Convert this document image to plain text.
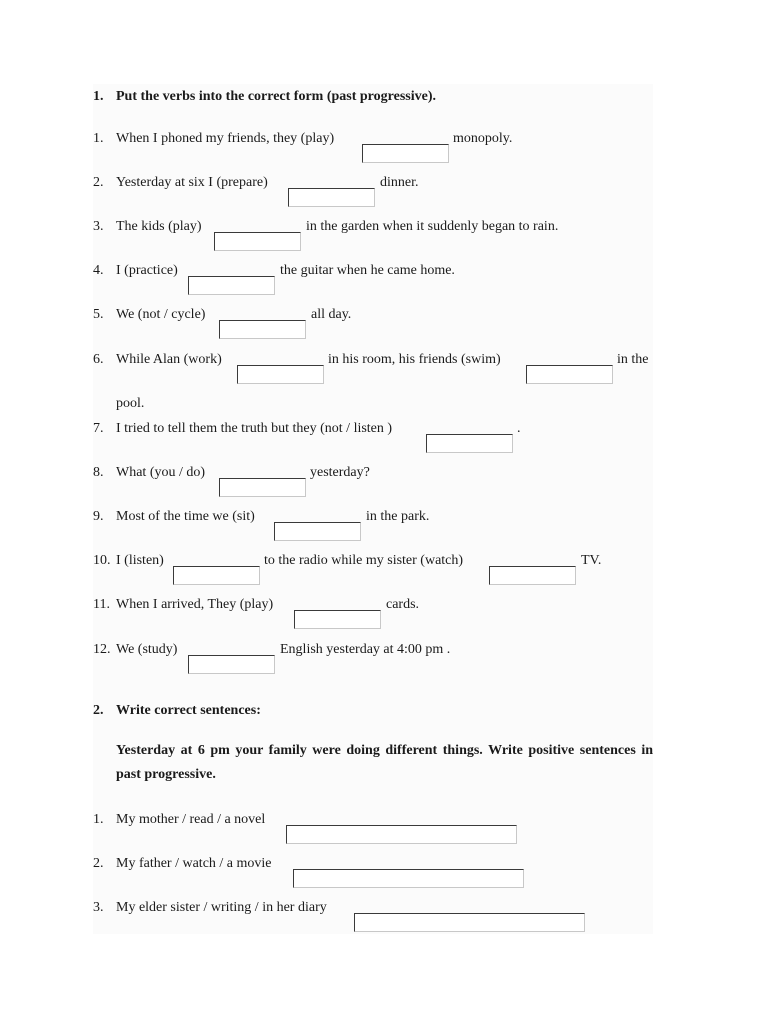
1. Put the verbs into the correct form (past progressive).
1. When I phoned my friends, they (play)	monopoly.
2. Yesterday at six I (prepare)	dinner.
3. The kids (play)	in the garden when it suddenly began to rain.
4. I (practice)	the guitar when he came home.
5. We (not / cycle)	all day.
6. While Alan (work)	in his room, his friends (swim)	in the
pool.
7. I tried to tell them the truth but they (not / listen )	.
8. What (you / do)	yesterday?
9. Most of the time we (sit)	in the park.
10. I (listen)	to the radio while my sister (watch)	TV.
11. When I arrived, They (play)	cards.
12. We (study)	English yesterday at 4:00 pm .
2. Write correct sentences:
Yesterday at 6 pm your family were doing different things. Write positive sentences in past progressive.
1. My mother / read / a novel
2. My father / watch / a movie
3. My elder sister / writing / in her diary
